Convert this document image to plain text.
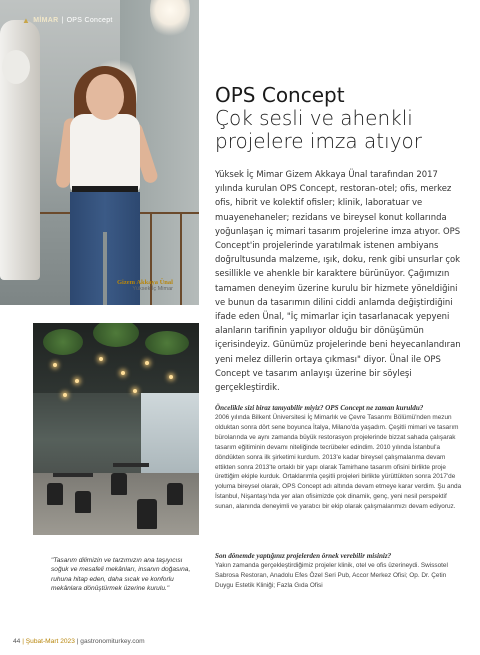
▲ MİMAR | OPS Concept
Gizem Akkaya Ünal
Yüksek İç Mimar
OPS Concept
Çok sesli ve ahenkli projelere imza atıyor
Yüksek İç Mimar Gizem Akkaya Ünal tarafından 2017 yılında kurulan OPS Concept, restoran-otel; ofis, merkez ofis, hibrit ve kolektif ofisler; klinik, laboratuar ve muayenehaneler; rezidans ve bireysel konut kollarında yoğunlaşan iç mimari tasarım projelerine imza atıyor. OPS Concept'in projelerinde yaratılmak istenen ambiyans doğrultusunda malzeme, ışık, doku, renk gibi unsurlar çok sesillikle ve ahenkle bir karaktere bürünüyor. Çağımızın tamamen deneyim üzerine kurulu bir hizmete yöneldiğini ve bunun da tasarımın dilini ciddi anlamda değiştirdiğini ifade eden Ünal, "İç mimarlar için tasarlanacak yepyeni alanların tarifinin yapılıyor olduğu bir dönüşümün içerisindeyiz. Günümüz projelerinde beni heyecanlandıran yeni melez dillerin ortaya çıkması" diyor. Ünal ile OPS Concept ve tasarım anlayışı üzerine bir söyleşi gerçekleştirdik.
"Tasarım dilimizin ve tarzımızın ana taşıyıcısı soğuk ve mesafeli mekânları, insanın doğasına, ruhuna hitap eden, daha sıcak ve konforlu mekânlara dönüştürmek üzerine kurulu."
Öncelikle sizi biraz tanıyabilir miyiz? OPS Concept ne zaman kuruldu?
2006 yılında Bilkent Üniversitesi İç Mimarlık ve Çevre Tasarımı Bölümü'nden mezun olduktan sonra dört sene boyunca İtalya, Milano'da yaşadım. Çeşitli mimari ve tasarım bürolarında ve aynı zamanda büyük restorasyon projelerinde bizzat sahada çalışarak tasarım eğitiminin devamı niteliğinde tecrübeler edindim. 2010 yılında İstanbul'a döndükten sonra ilk şirketimi kurdum. 2013'e kadar bireysel çalışmalarıma devam ettikten sonra 2013'te ortaklı bir yapı olarak Tamirhane tasarım ofisini birlikte proje ürettiğim ekiple kurduk. Ortaklarımla çeşitli projeleri birlikte yürüttükten sonra 2017'de yoluma bireysel olarak, OPS Concept adı altında devam etmeye karar verdim. Şu anda İstanbul, Nişantaşı'nda yer alan ofisimizde çok dinamik, genç, yeni nesil perspektif sunan, alanında deneyimli ve yaratıcı bir ekip olarak çalışmalarımızı devam ediyoruz.
Son dönemde yaptığınız projelerden örnek verebilir misiniz?
Yakın zamanda gerçekleştirdiğimiz projeler klinik, otel ve ofis üzerineydi. Swissotel Sabrosa Restoran, Anadolu Efes Özel Seri Pub, Accor Merkez Ofisi; Op. Dr. Çetin Duygu Estetik Kliniği; Fazla Gıda Ofisi
44 | Şubat-Mart 2023 | gastronomiturkey.com
